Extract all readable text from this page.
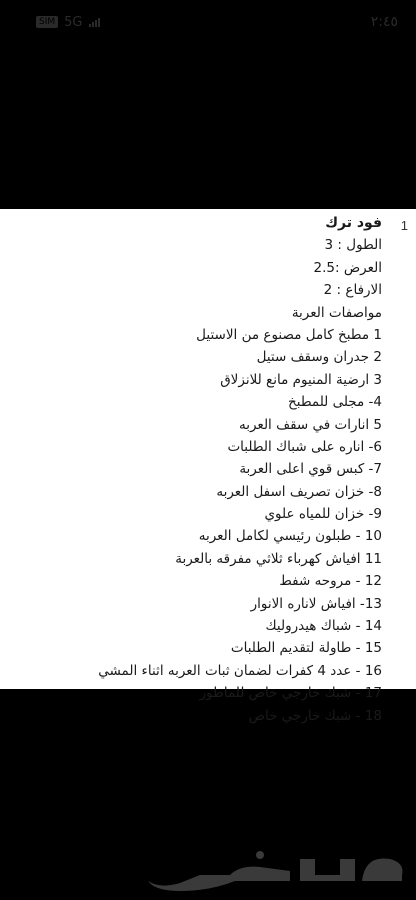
SIM 5G	٢:٤٥
1
فود ترك
الطول : 3
العرض :2.5
الارفاع : 2
مواصفات العربة
1 مطبخ كامل مصنوع من الاستيل
2 جدران وسقف ستيل
3 ارضية المنيوم مانع للانزلاق
4- مجلى للمطبخ
5 انارات في سقف العربه
6- اناره على شباك الطلبات
7- كبس قوي اعلى العربة
8- خزان تصريف اسفل العربه
9- خزان للمياه علوي
10 - طبلون رئيسي لكامل العربه
11 افياش كهرباء ثلاثي مفرقه بالعربة
12 - مروحه شفط
13- افياش لاناره الانوار
14 - شباك هيدروليك
15 - طاولة لتقديم الطلبات
16 - عدد 4 كفرات لضمان ثبات العربه اثناء المشي
17 - شبك خارجي خاص للماطور
18 - شبك خارجي خاص
